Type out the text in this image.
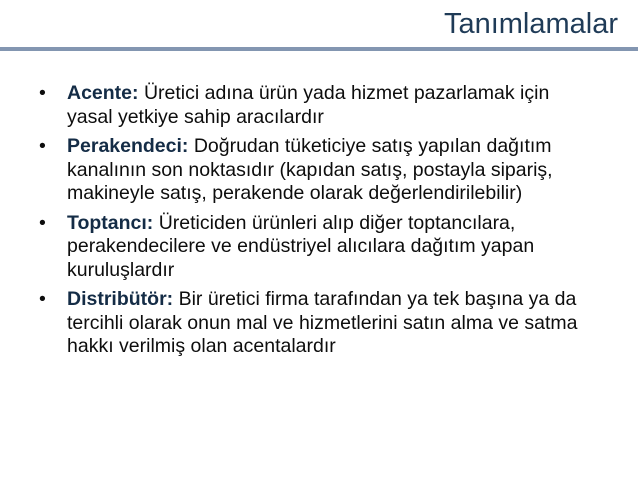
Tanımlamalar
• Acente: Üretici adına ürün yada hizmet pazarlamak için yasal yetkiye sahip aracılardır
• Perakendeci: Doğrudan tüketiciye satış yapılan dağıtım kanalının son noktasıdır (kapıdan satış, postayla sipariş, makineyle satış, perakende olarak değerlendirilebilir)
• Toptancı: Üreticiden ürünleri alıp diğer toptancılara, perakendecilere ve endüstriyel alıcılara dağıtım yapan kuruluşlardır
• Distribütör: Bir üretici firma tarafından ya tek başına ya da tercihli olarak onun mal ve hizmetlerini satın alma ve satma hakkı verilmiş olan acentalardır
